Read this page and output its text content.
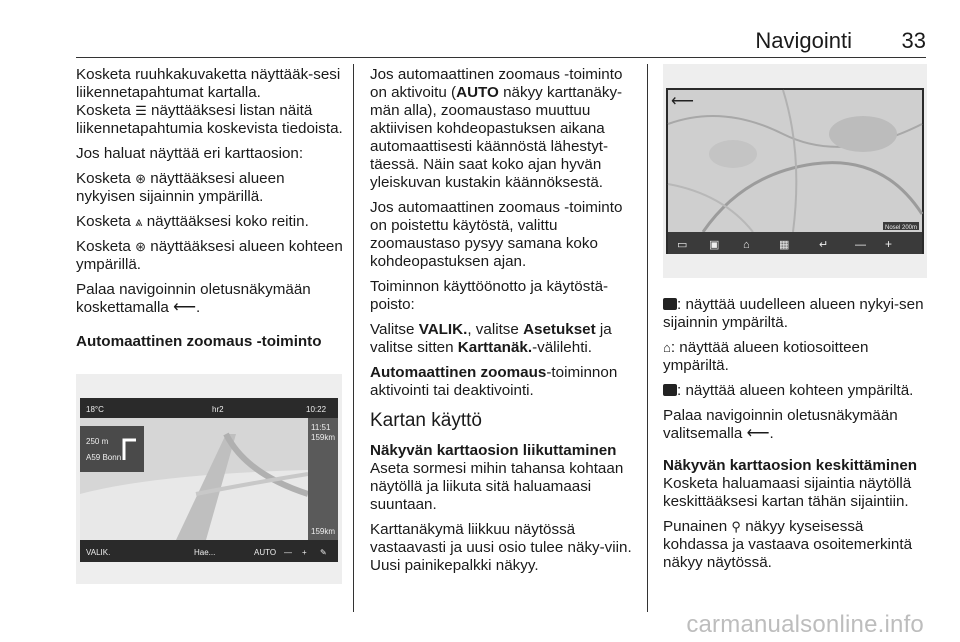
Navigointi 33

Kosketa ruuhkakuvaketta näyttääk-sesi liikennetapahtumat kartalla.

Kosketa ☰ näyttääksesi listan näitä liikennetapahtumia koskevista tiedoista.

Jos haluat näyttää eri karttaosion:

Kosketa ⊛ näyttääksesi alueen nykyisen sijainnin ympärillä.

Kosketa ⩓ näyttääksesi koko reitin.

Kosketa ⊛ näyttääksesi alueen kohteen ympärillä.

Palaa navigoinnin oletusnäkymään koskettamalla ⟵.

Automaattinen zoomaus -toiminto

18°C	hr2	10:22
250 m
A59 Bonn
11:51
159km
159km
VALIK.	Hae...	AUTO — + ✎

Jos automaattinen zoomaus -toiminto on aktivoitu (AUTO näkyy karttanäky-män alla), zoomaustaso muuttuu aktiivisen kohdeopastuksen aikana automaattisesti käännöstä lähestyt-täessä. Näin saat koko ajan hyvän yleiskuvan kustakin käännöksestä.

Jos automaattinen zoomaus -toiminto on poistettu käytöstä, valittu zoomaustaso pysyy samana koko kohdeopastuksen ajan.

Toiminnon käyttöönotto ja käytöstä-poisto:

Valitse VALIK., valitse Asetukset ja valitse sitten Karttanäk.-välilehti.

Automaattinen zoomaus-toiminnon aktivointi tai deaktivointi.

Kartan käyttö

Näkyvän karttaosion liikuttaminen

Aseta sormesi mihin tahansa kohtaan näytöllä ja liikuta sitä haluamaasi suuntaan.

Karttanäkymä liikkuu näytössä vastaavasti ja uusi osio tulee näky-viin. Uusi painikepalkki näkyy.

⟵
Nosel 200m
▭ ▣ ⌂	▦	↵ — +

: näyttää uudelleen alueen nykyi-sen sijainnin ympäriltä.

⌂: näyttää alueen kotiosoitteen ympäriltä.

: näyttää alueen kohteen ympäriltä.

Palaa navigoinnin oletusnäkymään valitsemalla ⟵.

Näkyvän karttaosion keskittäminen

Kosketa haluamaasi sijaintia näytöllä keskittääksesi kartan tähän sijaintiin.

Punainen ⚲ näkyy kyseisessä kohdassa ja vastaava osoitemerkintä näkyy näytössä.

carmanualsonline.info
